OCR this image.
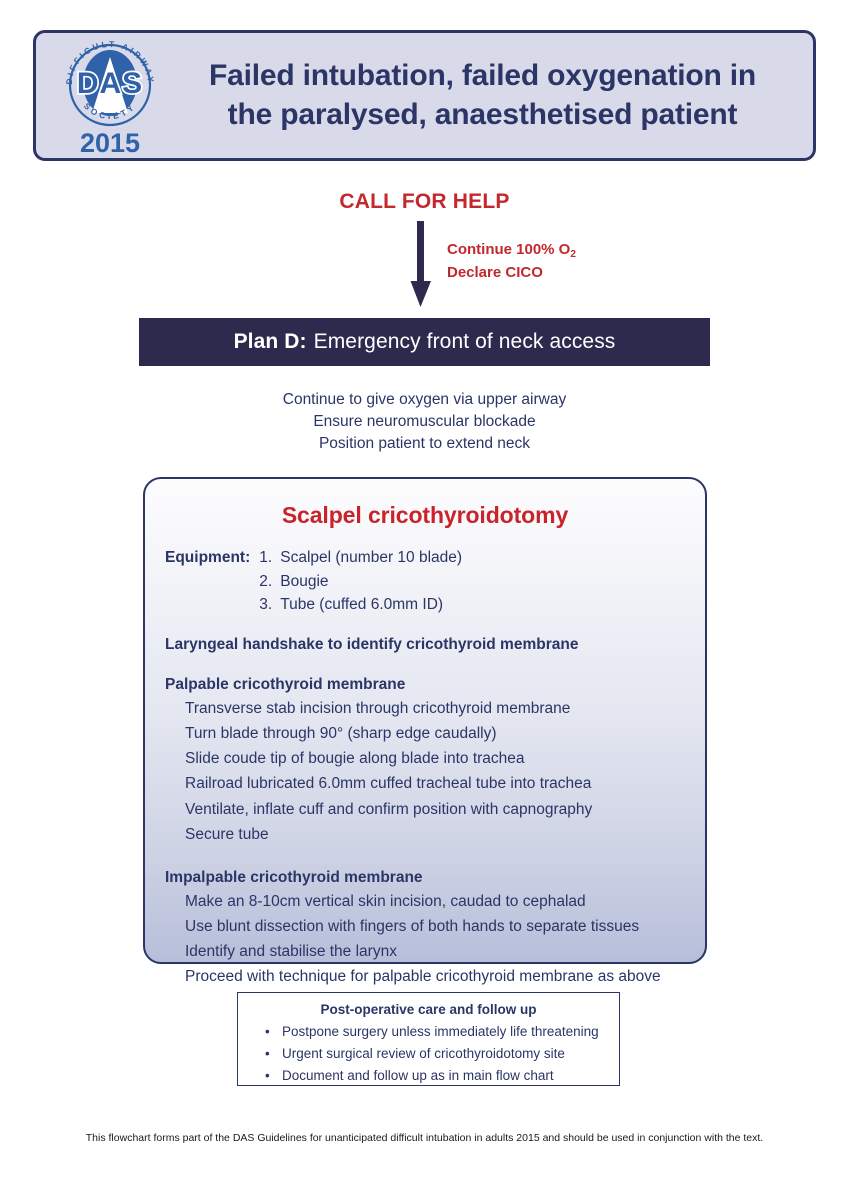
DAS
DIFFICULT AIRWAY
SOCIETY
2015
Failed intubation, failed oxygenation in
the paralysed, anaesthetised patient
CALL FOR HELP
Continue 100% $O_2$
Declare CICO
Plan D: Emergency front of neck access
Continue to give oxygen via upper airway
Ensure neuromuscular blockade
Position patient to extend neck
Scalpel cricothyroidotomy
Equipment: 1. Scalpel (number 10 blade)
2. Bougie
3. Tube (cuffed 6.0mm ID)
Laryngeal handshake to identify cricothyroid membrane
Palpable cricothyroid membrane
Transverse stab incision through cricothyroid membrane
Turn blade through 90° (sharp edge caudally)
Slide coude tip of bougie along blade into trachea
Railroad lubricated 6.0mm cuffed tracheal tube into trachea
Ventilate, inflate cuff and confirm position with capnography
Secure tube
Impalpable cricothyroid membrane
Make an 8-10cm vertical skin incision, caudad to cephalad
Use blunt dissection with fingers of both hands to separate tissues
Identify and stabilise the larynx
Proceed with technique for palpable cricothyroid membrane as above
Post-operative care and follow up
• Postpone surgery unless immediately life threatening
• Urgent surgical review of cricothyroidotomy site
• Document and follow up as in main flow chart
This flowchart forms part of the DAS Guidelines for unanticipated difficult intubation in adults 2015 and should be used in conjunction with the text.
